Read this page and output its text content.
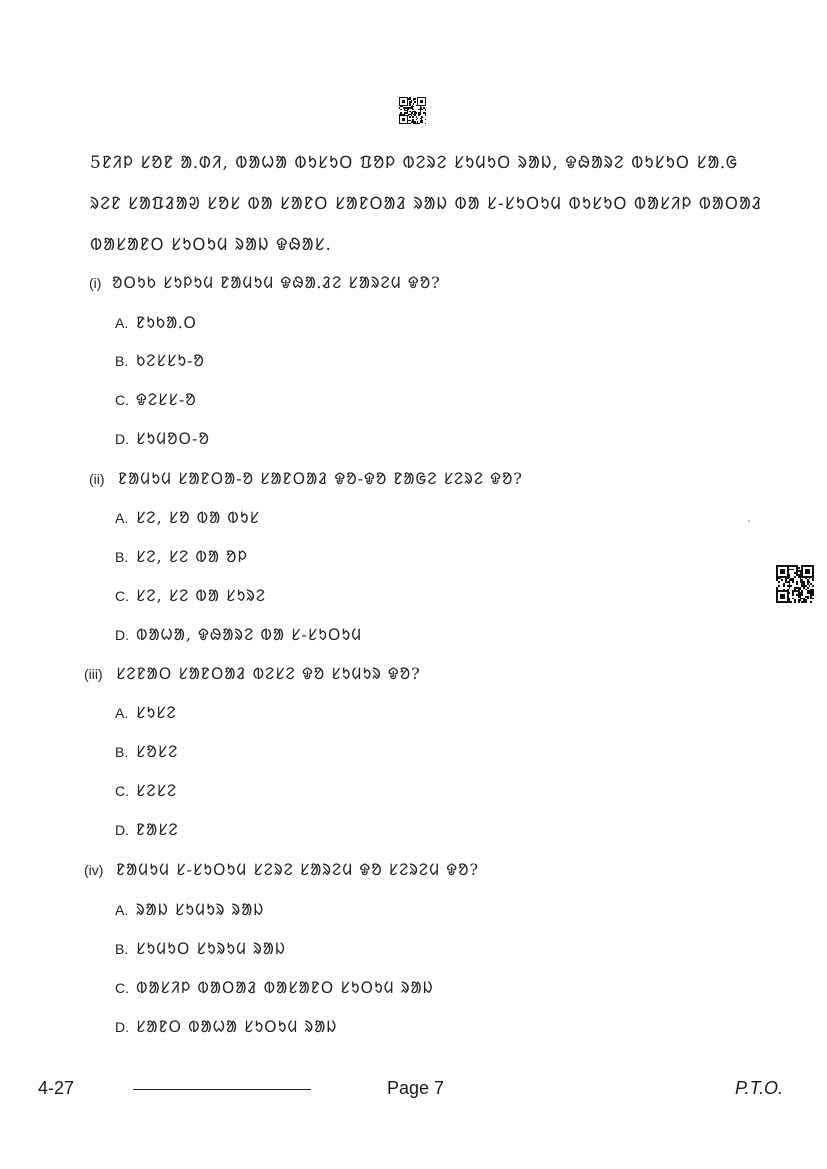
5ᱱᱤᱞ ᱥᱚᱱ ᱟᱹᱰᱤ, ᱵᱟᱦᱟ ᱵᱩᱥᱩᱛ ᱯᱚᱞ ᱵᱮᱨᱮ ᱥᱩᱢᱩᱛ ᱨᱟᱡ, ᱫᱷᱟᱨᱮ ᱵᱩᱥᱩᱛ ᱥᱟᱹᱜ
ᱨᱮᱱ ᱥᱟᱯᱲᱟᱣ ᱥᱚᱥ ᱵᱟ ᱥᱟᱱᱛ ᱥᱟᱱᱛᱟᱲ ᱨᱟᱡ ᱵᱟ ᱥ-ᱥᱩᱛᱩᱢ ᱵᱩᱥᱩᱛ ᱵᱟᱥᱤᱞ ᱵᱟᱛᱟᱲ
ᱵᱟᱥᱟᱱᱛ ᱥᱩᱛᱩᱢ ᱨᱟᱡ ᱫᱷᱟᱥ.
(i) ᱚᱛᱩᱠ ᱥᱩᱞᱩᱢ ᱱᱟᱢᱩᱢ ᱫᱷᱟᱹᱲᱮ ᱥᱟᱨᱮᱢ ᱫᱚ?
A. ᱱᱩᱠᱟᱹᱛ
B. ᱠᱮᱥᱥᱩ-ᱚ
C. ᱫᱮᱥᱥ-ᱚ
D. ᱥᱩᱢᱚᱛ-ᱚ
(ii) ᱱᱟᱢᱩᱢ ᱥᱟᱱᱛᱟ-ᱚ ᱥᱟᱱᱛᱟᱲ ᱫᱚ-ᱫᱚ ᱱᱟᱜᱮ ᱥᱮᱨᱮ ᱫᱚ?
A. ᱥᱮ, ᱥᱚ ᱵᱟ ᱵᱩᱥ
B. ᱥᱮ, ᱥᱮ ᱵᱟ ᱚᱞ
C. ᱥᱮ, ᱥᱮ ᱵᱟ ᱥᱩᱨᱮ
D. ᱵᱟᱦᱟ, ᱫᱷᱟᱨᱮ ᱵᱟ ᱥ-ᱥᱩᱛᱩᱢ
(iii) ᱥᱮᱱᱟᱛ ᱥᱟᱱᱛᱟᱲ ᱵᱮᱥᱮ ᱫᱚ ᱥᱩᱢᱩᱨ ᱫᱚ?
A. ᱥᱩᱥᱮ
B. ᱥᱚᱥᱮ
C. ᱥᱮᱥᱮ
D. ᱱᱟᱥᱮ
(iv) ᱱᱟᱢᱩᱢ ᱥ-ᱥᱩᱛᱩᱢ ᱥᱮᱨᱮ ᱥᱟᱨᱮᱢ ᱫᱚ ᱥᱮᱨᱮᱢ ᱫᱚ?
A. ᱨᱟᱡ ᱥᱩᱢᱩᱨ ᱨᱟᱡ
B. ᱥᱩᱢᱩᱛ ᱥᱩᱨᱩᱢ ᱨᱟᱡ
C. ᱵᱟᱥᱤᱞ ᱵᱟᱛᱟᱲ ᱵᱟᱥᱟᱱᱛ ᱥᱩᱛᱩᱢ ᱨᱟᱡ
D. ᱥᱟᱱᱛ ᱵᱟᱦᱟ ᱥᱩᱛᱩᱢ ᱨᱟᱡ
4-27	Page 7	P.T.O.
